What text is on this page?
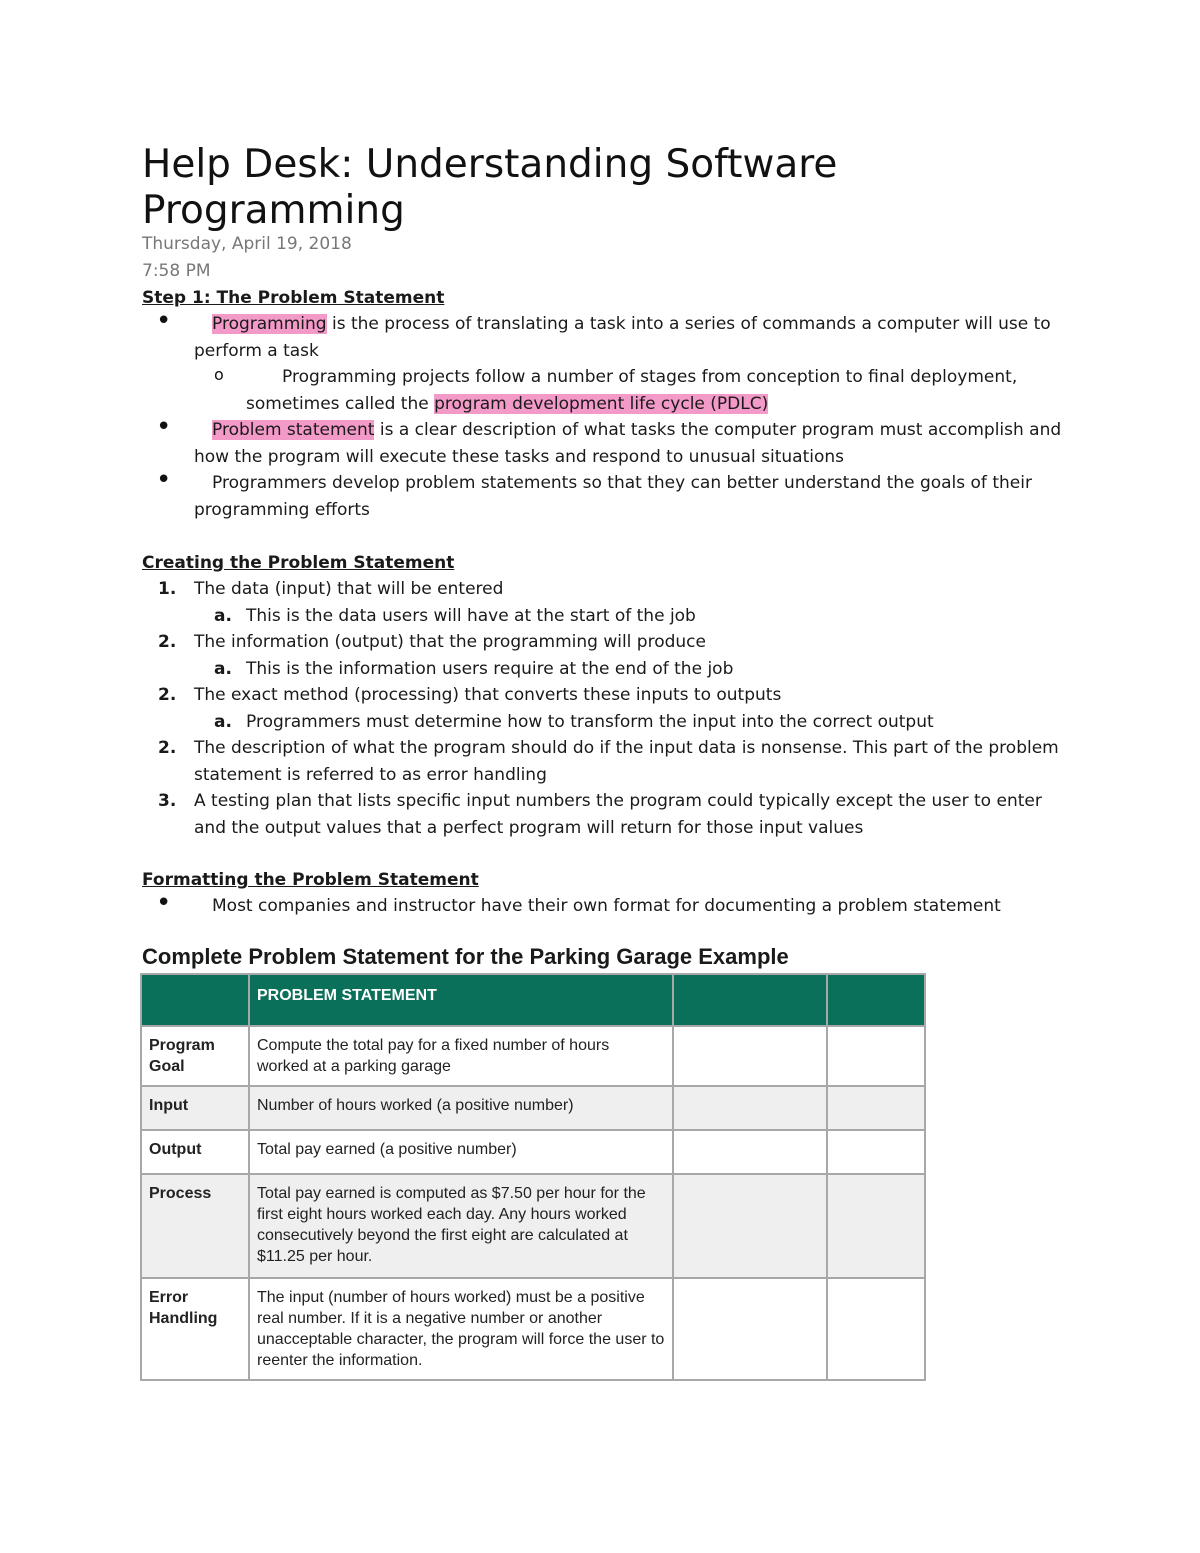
Help Desk: Understanding Software Programming
Thursday, April 19, 2018
7:58 PM
Step 1: The Problem Statement
• Programming is the process of translating a task into a series of commands a computer will use to perform a task
o Programming projects follow a number of stages from conception to final deployment, sometimes called the program development life cycle (PDLC)
• Problem statement is a clear description of what tasks the computer program must accomplish and how the program will execute these tasks and respond to unusual situations
• Programmers develop problem statements so that they can better understand the goals of their programming efforts
Creating the Problem Statement
1. The data (input) that will be entered
a. This is the data users will have at the start of the job
2. The information (output) that the programming will produce
a. This is the information users require at the end of the job
2. The exact method (processing) that converts these inputs to outputs
a. Programmers must determine how to transform the input into the correct output
2. The description of what the program should do if the input data is nonsense. This part of the problem statement is referred to as error handling
3. A testing plan that lists specific input numbers the program could typically except the user to enter and the output values that a perfect program will return for those input values
Formatting the Problem Statement
• Most companies and instructor have their own format for documenting a problem statement
Complete Problem Statement for the Parking Garage Example
	PROBLEM STATEMENT		
Program Goal	Compute the total pay for a fixed number of hours worked at a parking garage		
Input	Number of hours worked (a positive number)		
Output	Total pay earned (a positive number)		
Process	Total pay earned is computed as $7.50 per hour for the first eight hours worked each day. Any hours worked consecutively beyond the first eight are calculated at $11.25 per hour.		
Error Handling	The input (number of hours worked) must be a positive real number. If it is a negative number or another unacceptable character, the program will force the user to reenter the information.		
